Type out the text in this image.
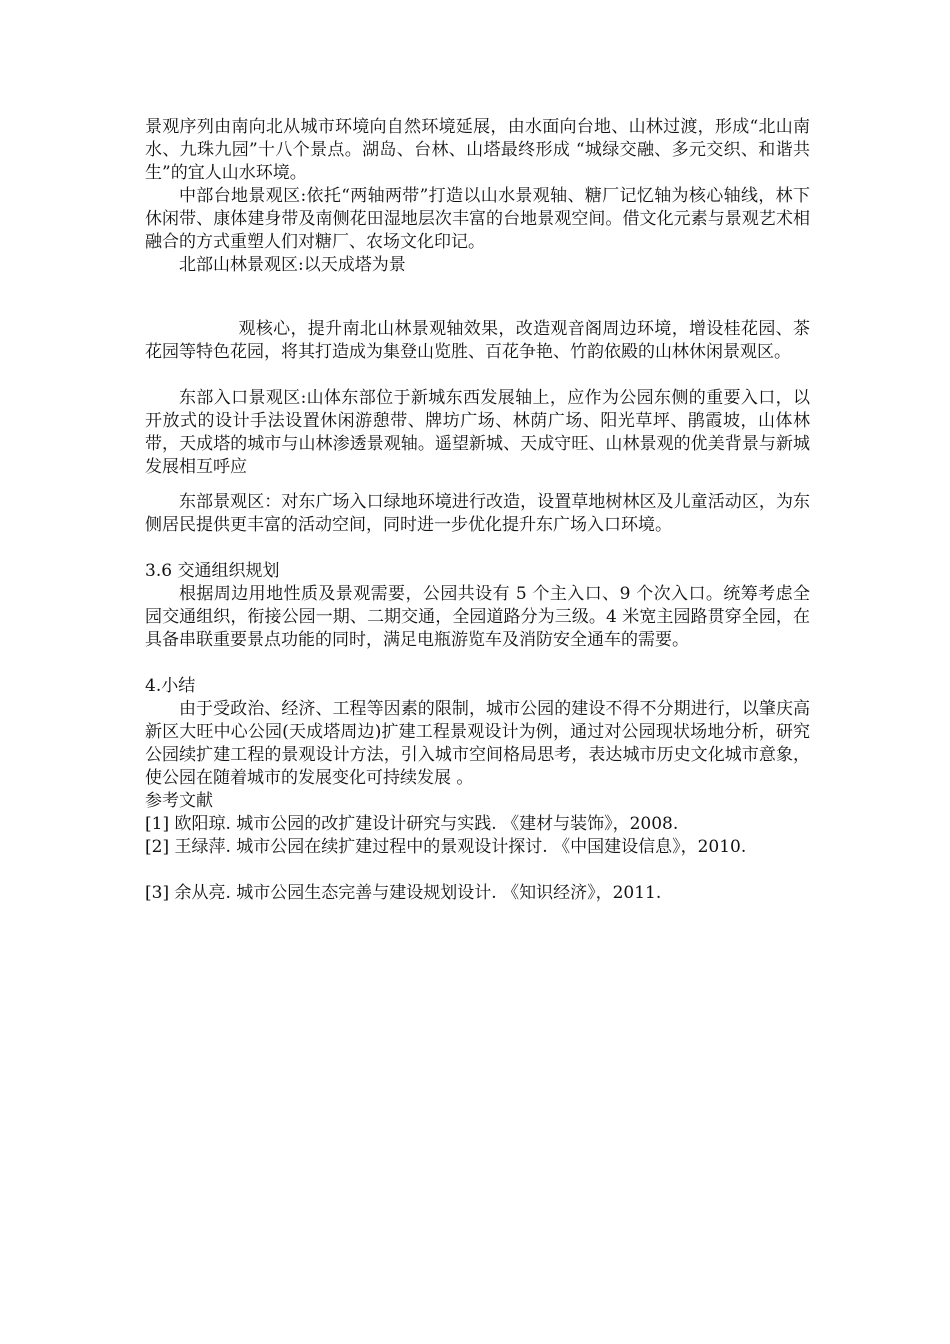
景观序列由南向北从城市环境向自然环境延展，由水面向台地、山林过渡，形成“北山南水、九珠九园”十八个景点。湖岛、台林、山塔最终形成 “城绿交融、多元交织、和谐共生”的宜人山水环境。

中部台地景观区:依托“两轴两带”打造以山水景观轴、糖厂记忆轴为核心轴线，林下休闲带、康体建身带及南侧花田湿地层次丰富的台地景观空间。借文化元素与景观艺术相融合的方式重塑人们对糖厂、农场文化印记。

北部山林景观区:以天成塔为景

观核心，提升南北山林景观轴效果，改造观音阁周边环境，增设桂花园、茶花园等特色花园，将其打造成为集登山览胜、百花争艳、竹韵依殿的山林休闲景观区。

东部入口景观区:山体东部位于新城东西发展轴上，应作为公园东侧的重要入口，以开放式的设计手法设置休闲游憩带、牌坊广场、林荫广场、阳光草坪、鹃霞坡，山体林带，天成塔的城市与山林渗透景观轴。遥望新城、天成守旺、山林景观的优美背景与新城发展相互呼应

东部景观区：对东广场入口绿地环境进行改造，设置草地树林区及儿童活动区，为东侧居民提供更丰富的活动空间，同时进一步优化提升东广场入口环境。

3.6 交通组织规划

根据周边用地性质及景观需要，公园共设有 5 个主入口、9 个次入口。统筹考虑全园交通组织，衔接公园一期、二期交通，全园道路分为三级。4 米宽主园路贯穿全园，在具备串联重要景点功能的同时，满足电瓶游览车及消防安全通车的需要。

4.小结

由于受政治、经济、工程等因素的限制，城市公园的建设不得不分期进行，以肇庆高新区大旺中心公园(天成塔周边)扩建工程景观设计为例，通过对公园现状场地分析，研究公园续扩建工程的景观设计方法，引入城市空间格局思考，表达城市历史文化城市意象，使公园在随着城市的发展变化可持续发展 。

参考文献

[1] 欧阳琼. 城市公园的改扩建设计研究与实践. 《建材与装饰》，2008.

[2] 王绿萍. 城市公园在续扩建过程中的景观设计探讨. 《中国建设信息》，2010.

[3] 余从亮. 城市公园生态完善与建设规划设计. 《知识经济》，2011.
